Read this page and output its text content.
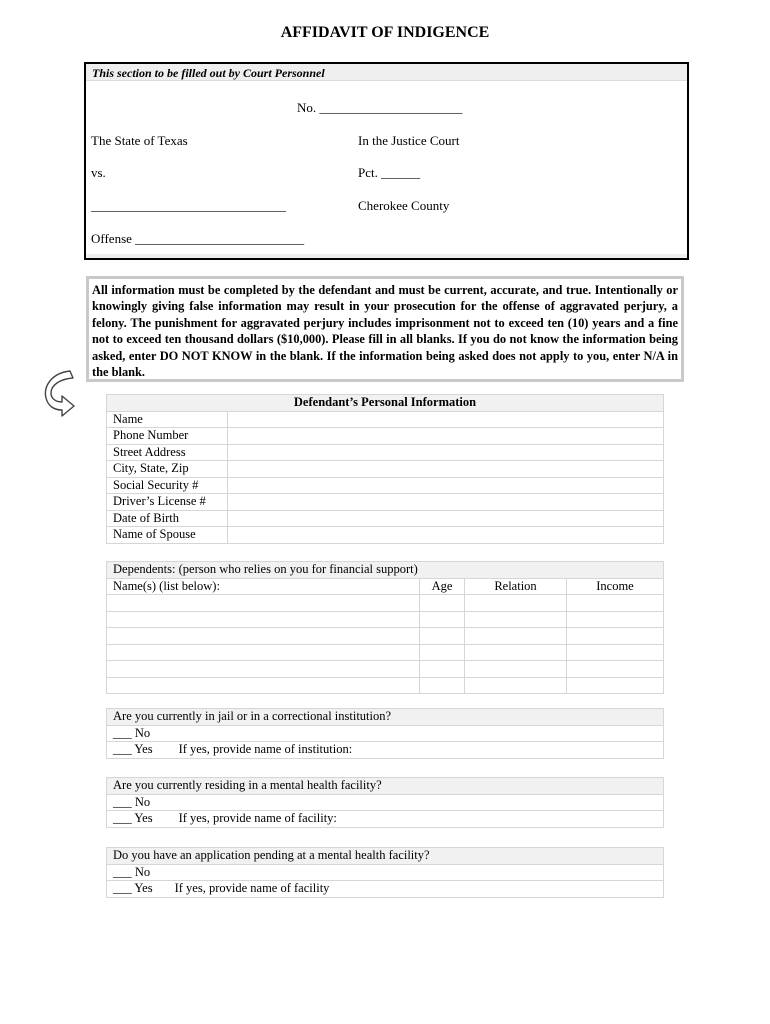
AFFIDAVIT OF INDIGENCE
This section to be filled out by Court Personnel
No. ______________________
The State of Texas	In the Justice Court
vs.	Pct. ______
______________________________	Cherokee County
Offense __________________________
All information must be completed by the defendant and must be current, accurate, and true. Intentionally or knowingly giving false information may result in your prosecution for the offense of aggravated perjury, a felony. The punishment for aggravated perjury includes imprisonment not to exceed ten (10) years and a fine not to exceed ten thousand dollars ($10,000). Please fill in all blanks. If you do not know the information being asked, enter DO NOT KNOW in the blank. If the information being asked does not apply to you, enter N/A in the blank.
Defendant’s Personal Information	
Name	
Phone Number	
Street Address	
City, State, Zip	
Social Security #	
Driver’s License #	
Date of Birth	
Name of Spouse	
Dependents: (person who relies on you for financial support)			
Name(s) (list below):	Age	Relation	Income

Are you currently in jail or in a correctional institution?
___ No
___ Yes If yes, provide name of institution:
Are you currently residing in a mental health facility?
___ No
___ Yes If yes, provide name of facility:
Do you have an application pending at a mental health facility?
___ No
___ Yes If yes, provide name of facility
